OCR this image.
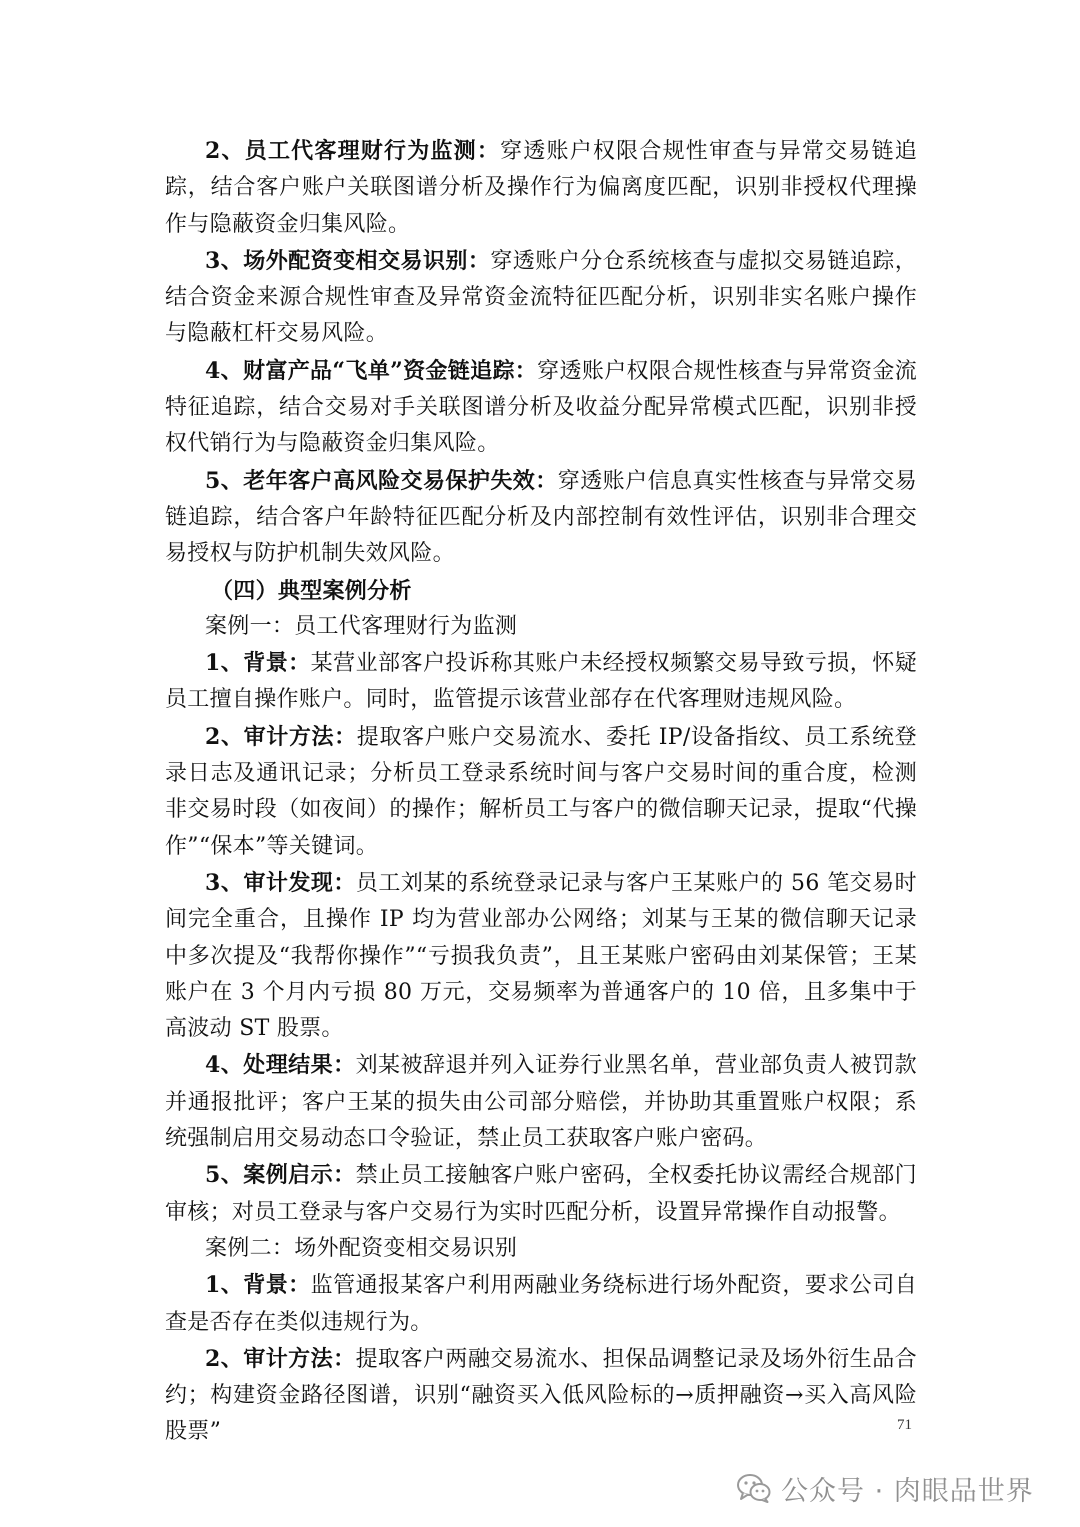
2、员工代客理财行为监测：穿透账户权限合规性审查与异常交易链追踪，结合客户账户关联图谱分析及操作行为偏离度匹配，识别非授权代理操作与隐蔽资金归集风险。

3、场外配资变相交易识别：穿透账户分仓系统核查与虚拟交易链追踪，结合资金来源合规性审查及异常资金流特征匹配分析，识别非实名账户操作与隐蔽杠杆交易风险。

4、财富产品“飞单”资金链追踪：穿透账户权限合规性核查与异常资金流特征追踪，结合交易对手关联图谱分析及收益分配异常模式匹配，识别非授权代销行为与隐蔽资金归集风险。

5、老年客户高风险交易保护失效：穿透账户信息真实性核查与异常交易链追踪，结合客户年龄特征匹配分析及内部控制有效性评估，识别非合理交易授权与防护机制失效风险。

（四）典型案例分析

案例一：员工代客理财行为监测

1、背景：某营业部客户投诉称其账户未经授权频繁交易导致亏损，怀疑员工擅自操作账户。同时，监管提示该营业部存在代客理财违规风险。

2、审计方法：提取客户账户交易流水、委托 IP/设备指纹、员工系统登录日志及通讯记录；分析员工登录系统时间与客户交易时间的重合度，检测非交易时段（如夜间）的操作；解析员工与客户的微信聊天记录，提取“代操作”“保本”等关键词。

3、审计发现：员工刘某的系统登录记录与客户王某账户的 56 笔交易时间完全重合，且操作 IP 均为营业部办公网络；刘某与王某的微信聊天记录中多次提及“我帮你操作”“亏损我负责”，且王某账户密码由刘某保管；王某账户在 3 个月内亏损 80 万元，交易频率为普通客户的 10 倍，且多集中于高波动 ST 股票。

4、处理结果：刘某被辞退并列入证券行业黑名单，营业部负责人被罚款并通报批评；客户王某的损失由公司部分赔偿，并协助其重置账户权限；系统强制启用交易动态口令验证，禁止员工获取客户账户密码。

5、案例启示：禁止员工接触客户账户密码，全权委托协议需经合规部门审核；对员工登录与客户交易行为实时匹配分析，设置异常操作自动报警。

案例二：场外配资变相交易识别

1、背景：监管通报某客户利用两融业务绕标进行场外配资，要求公司自查是否存在类似违规行为。

2、审计方法：提取客户两融交易流水、担保品调整记录及场外衍生品合约；构建资金路径图谱，识别“融资买入低风险标的→质押融资→买入高风险股票”	71
公众号 · 肉眼品世界
